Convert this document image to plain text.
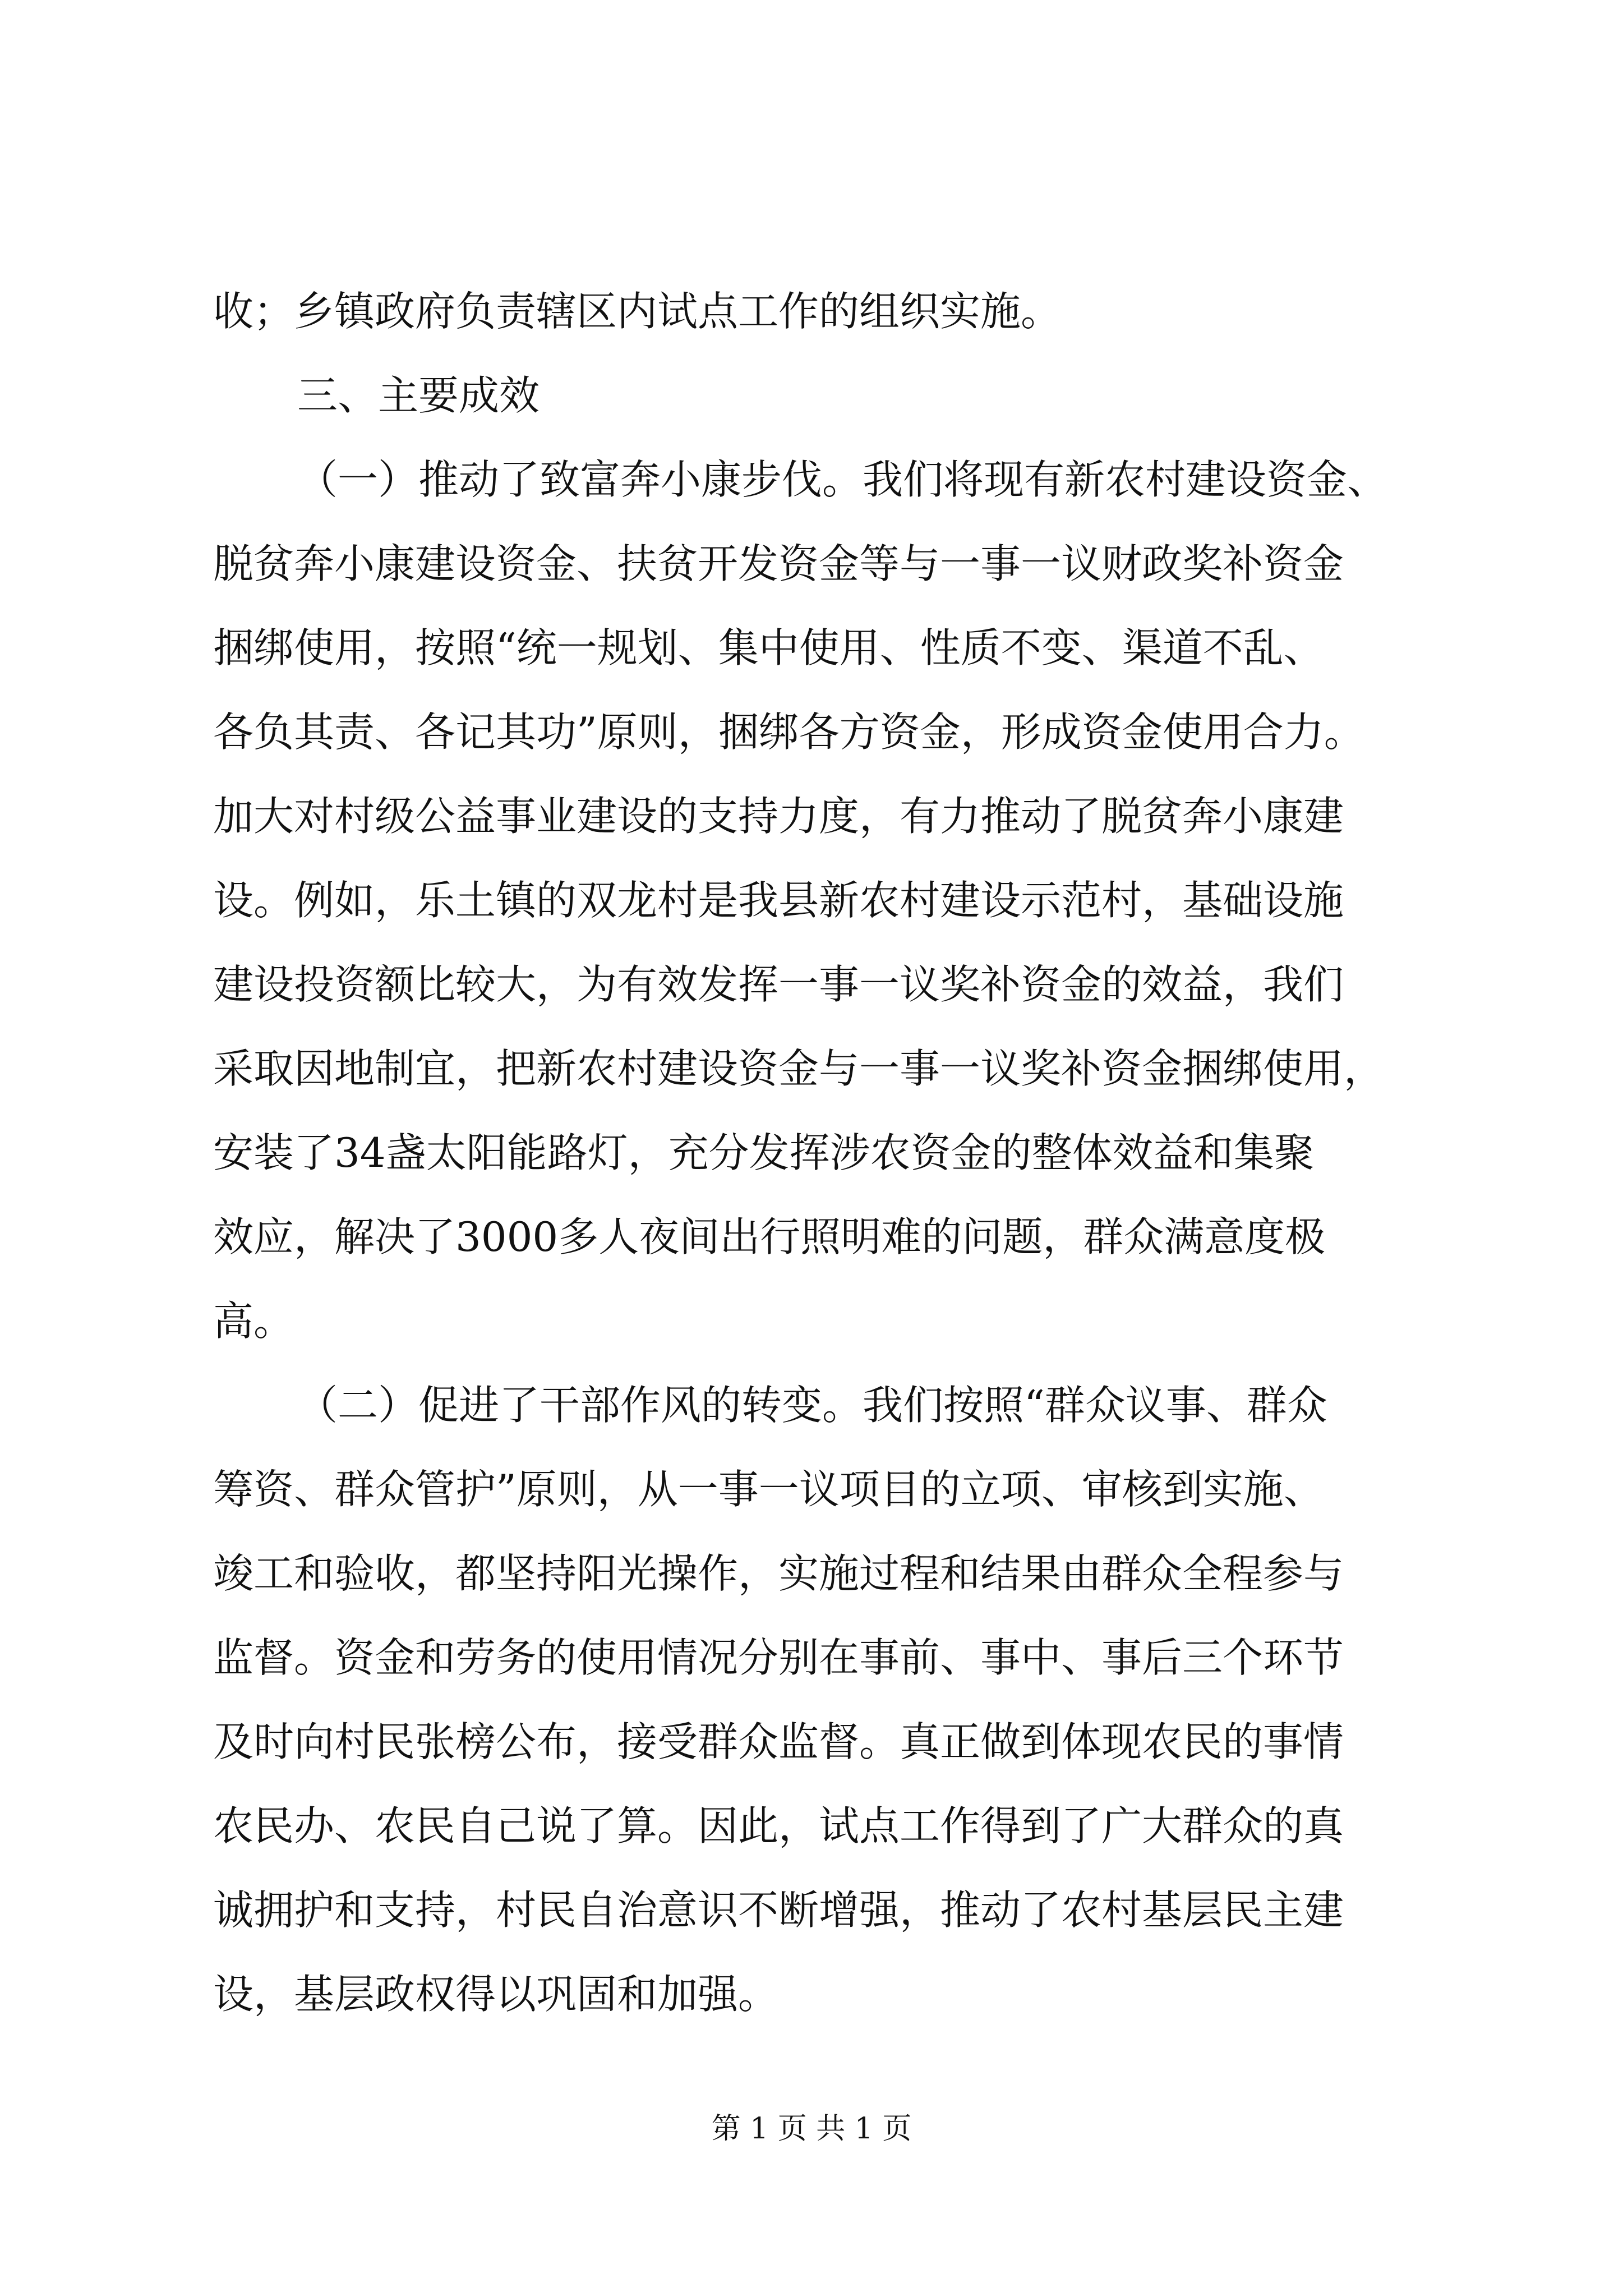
收；乡镇政府负责辖区内试点工作的组织实施。
三、主要成效
（一）推动了致富奔小康步伐。我们将现有新农村建设资金、
脱贫奔小康建设资金、扶贫开发资金等与一事一议财政奖补资金
捆绑使用，按照“统一规划、集中使用、性质不变、渠道不乱、
各负其责、各记其功”原则，捆绑各方资金，形成资金使用合力。
加大对村级公益事业建设的支持力度，有力推动了脱贫奔小康建
设。例如，乐土镇的双龙村是我县新农村建设示范村，基础设施
建设投资额比较大，为有效发挥一事一议奖补资金的效益，我们
采取因地制宜，把新农村建设资金与一事一议奖补资金捆绑使用，
安装了34盏太阳能路灯，充分发挥涉农资金的整体效益和集聚
效应，解决了3000多人夜间出行照明难的问题，群众满意度极
高。
（二）促进了干部作风的转变。我们按照“群众议事、群众
筹资、群众管护”原则，从一事一议项目的立项、审核到实施、
竣工和验收，都坚持阳光操作，实施过程和结果由群众全程参与
监督。资金和劳务的使用情况分别在事前、事中、事后三个环节
及时向村民张榜公布，接受群众监督。真正做到体现农民的事情
农民办、农民自己说了算。因此，试点工作得到了广大群众的真
诚拥护和支持，村民自治意识不断增强，推动了农村基层民主建
设，基层政权得以巩固和加强。
第 1 页 共 1 页
